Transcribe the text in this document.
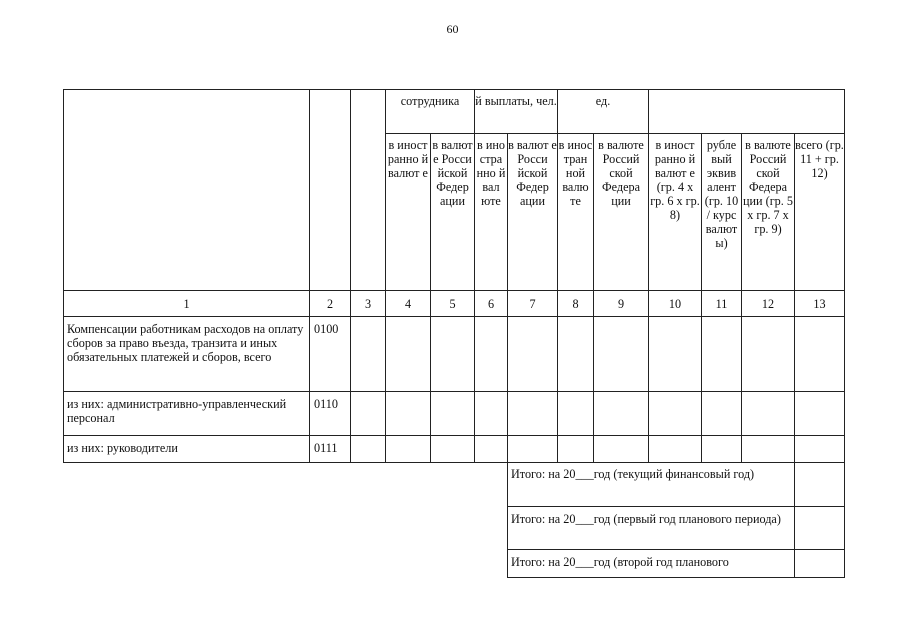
60
			сотрудника		й выплаты, чел.		ед.					
			в иност ранно й валют е	в валют е Росси йской Федер ации	в ино стра нно й вал юте	в валют е Росси йской Федер ации	в инос тран ной валю те	в валюте Россий ской Федера ции	в иност ранно й валют е (гр. 4 х гр. 6 х гр. 8)	рубле вый эквив алент (гр. 10 / курс валют ы)	в валюте Россий ской Федера ции (гр. 5 х гр. 7 х гр. 9)	всего (гр. 11 + гр. 12)
1	2	3	4	5	6	7	8	9	10	11	12	13
Компенсации работникам расходов на оплату сборов за право въезда, транзита и иных обязательных платежей и сборов, всего	0100											
из них: административно-управленческий персонал	0110											
из них: руководители	0111											
Итого: на 20___год (текущий финансовый год)	
Итого: на 20___год (первый год планового периода)	
Итого: на 20___год (второй год планового	
